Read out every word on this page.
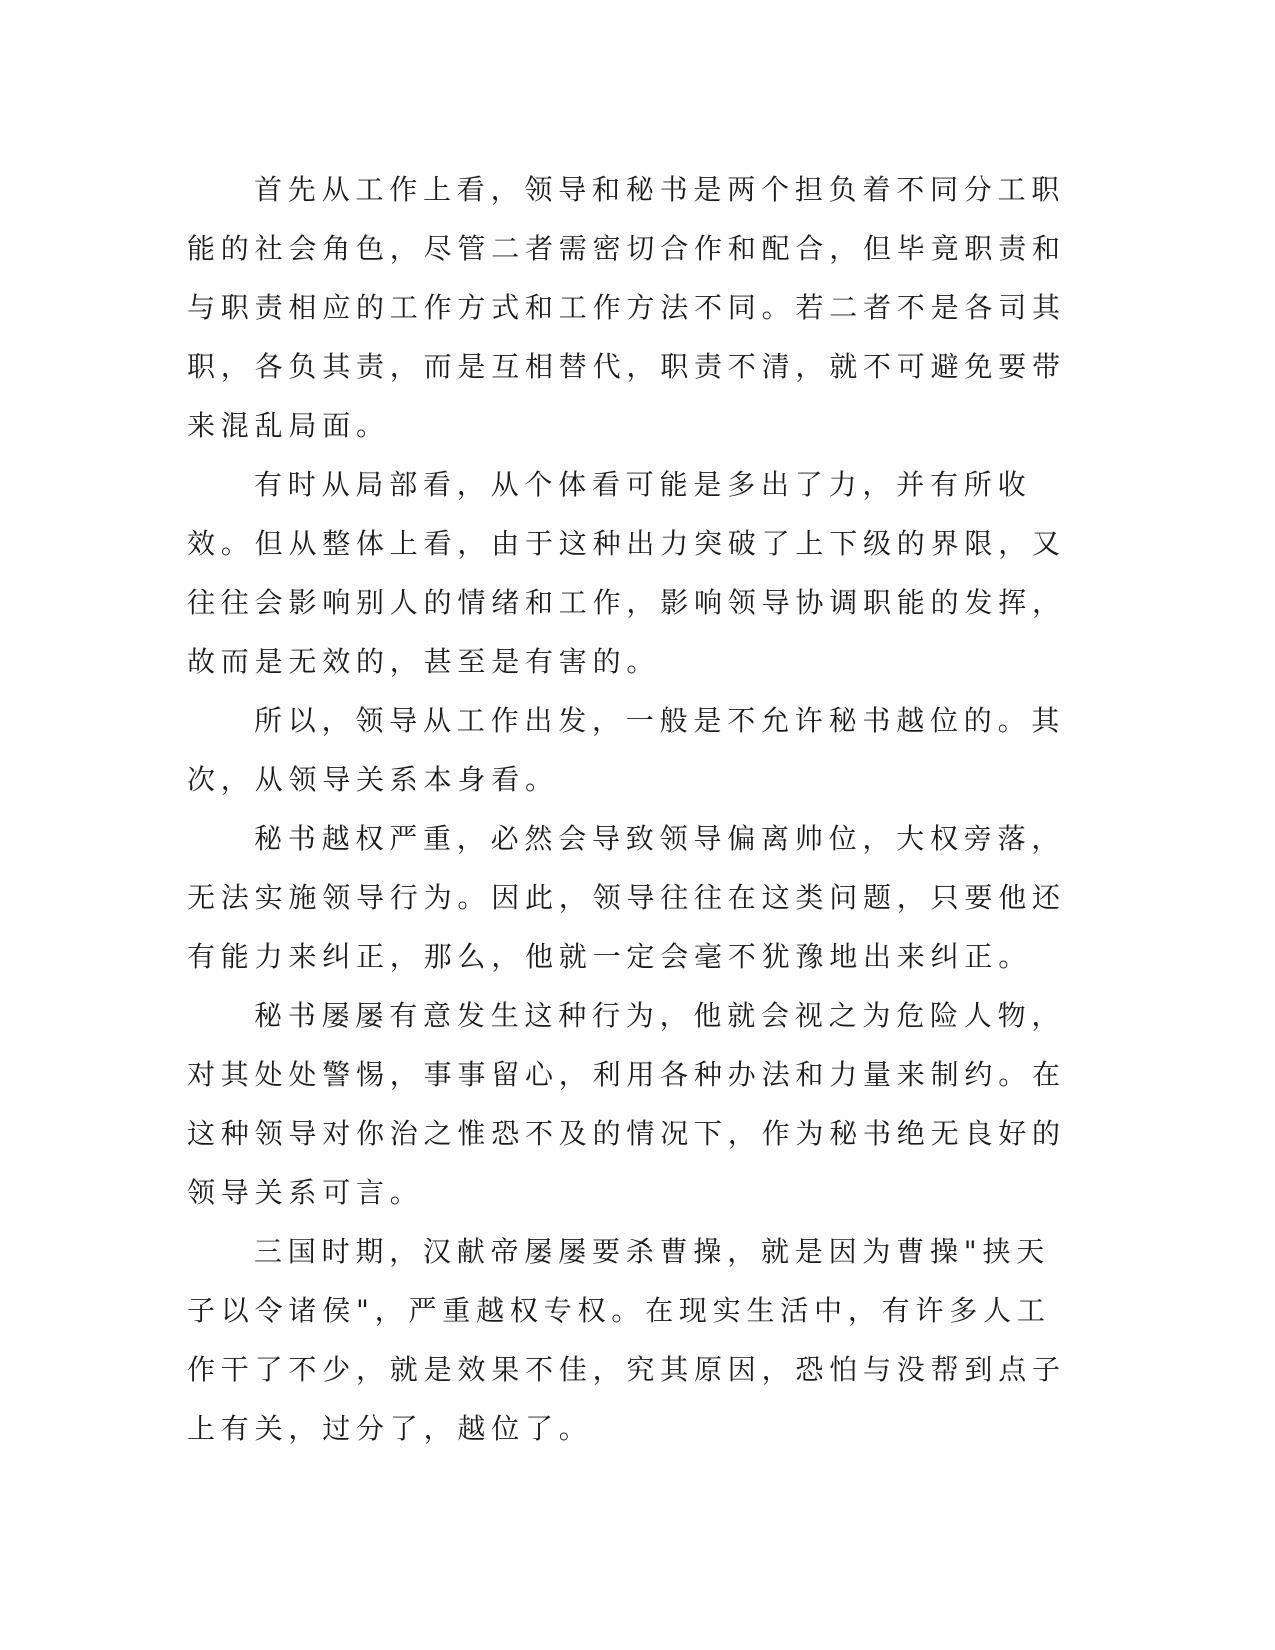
首先从工作上看，领导和秘书是两个担负着不同分工职能的社会角色，尽管二者需密切合作和配合，但毕竟职责和与职责相应的工作方式和工作方法不同。若二者不是各司其职，各负其责，而是互相替代，职责不清，就不可避免要带来混乱局面。

有时从局部看，从个体看可能是多出了力，并有所收效。但从整体上看，由于这种出力突破了上下级的界限，又往往会影响别人的情绪和工作，影响领导协调职能的发挥，故而是无效的，甚至是有害的。

所以，领导从工作出发，一般是不允许秘书越位的。其次，从领导关系本身看。

秘书越权严重，必然会导致领导偏离帅位，大权旁落，无法实施领导行为。因此，领导往往在这类问题，只要他还有能力来纠正，那么，他就一定会毫不犹豫地出来纠正。

秘书屡屡有意发生这种行为，他就会视之为危险人物，对其处处警惕，事事留心，利用各种办法和力量来制约。在这种领导对你治之惟恐不及的情况下，作为秘书绝无良好的领导关系可言。

三国时期，汉献帝屡屡要杀曹操，就是因为曹操"挟天子以令诸侯"，严重越权专权。在现实生活中，有许多人工作干了不少，就是效果不佳，究其原因，恐怕与没帮到点子上有关，过分了，越位了。
